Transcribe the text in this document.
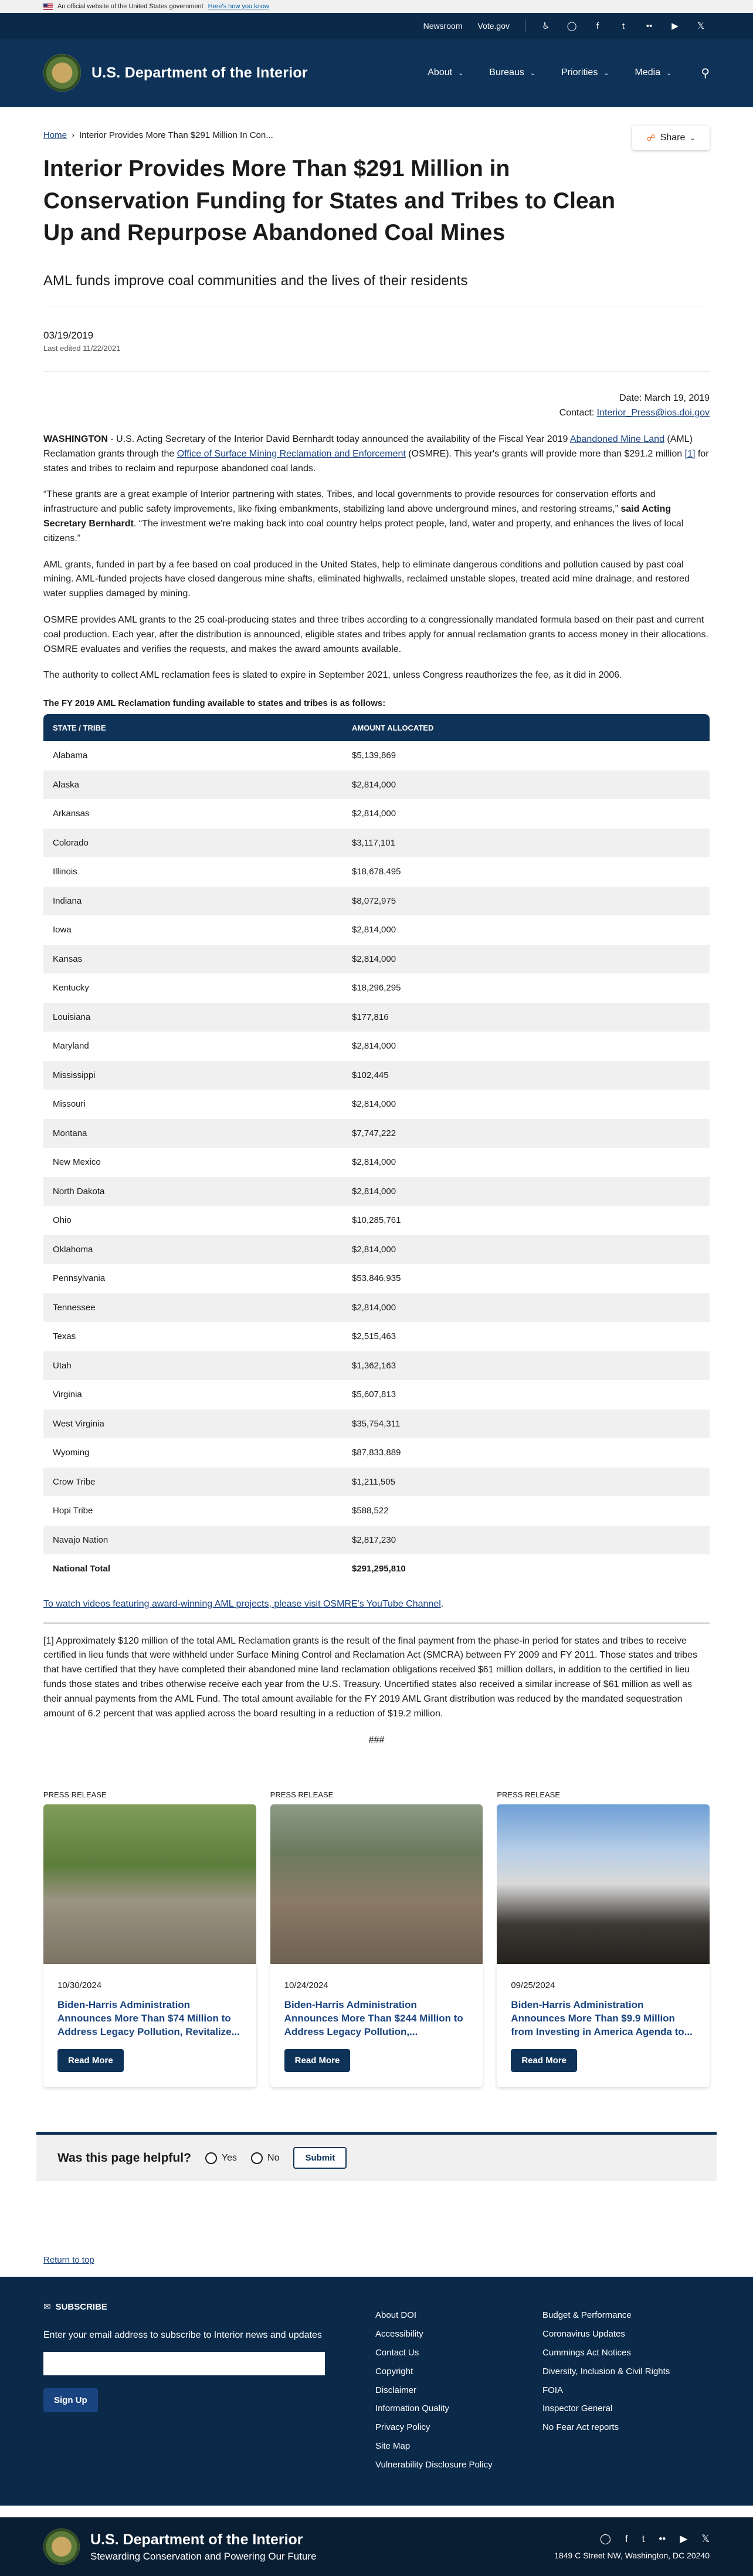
An official website of the United States government Here's how you know
Newsroom Vote.gov	♿ ◯	f	t	•• ▶ 𝕏
U.S. Department of the Interior	About ⌄	Bureaus ⌄	Priorities ⌄	Media ⌄	⚲
Home › Interior Provides More Than $291 Million In Con...	☍ Share ⌄
Interior Provides More Than $291 Million in Conservation Funding for States and Tribes to Clean Up and Repurpose Abandoned Coal Mines
AML funds improve coal communities and the lives of their residents
03/19/2019
Last edited 11/22/2021
Date: March 19, 2019
Contact: Interior_Press@ios.doi.gov

WASHINGTON - U.S. Acting Secretary of the Interior David Bernhardt today announced the availability of the Fiscal Year 2019 Abandoned Mine Land (AML) Reclamation grants through the Office of Surface Mining Reclamation and Enforcement (OSMRE). This year's grants will provide more than $291.2 million [1] for states and tribes to reclaim and repurpose abandoned coal lands.

“These grants are a great example of Interior partnering with states, Tribes, and local governments to provide resources for conservation efforts and infrastructure and public safety improvements, like fixing embankments, stabilizing land above underground mines, and restoring streams,” said Acting Secretary Bernhardt. “The investment we're making back into coal country helps protect people, land, water and property, and enhances the lives of local citizens.”

AML grants, funded in part by a fee based on coal produced in the United States, help to eliminate dangerous conditions and pollution caused by past coal mining. AML-funded projects have closed dangerous mine shafts, eliminated highwalls, reclaimed unstable slopes, treated acid mine drainage, and restored water supplies damaged by mining.

OSMRE provides AML grants to the 25 coal-producing states and three tribes according to a congressionally mandated formula based on their past and current coal production. Each year, after the distribution is announced, eligible states and tribes apply for annual reclamation grants to access money in their allocations. OSMRE evaluates and verifies the requests, and makes the award amounts available.

The authority to collect AML reclamation fees is slated to expire in September 2021, unless Congress reauthorizes the fee, as it did in 2006.

The FY 2019 AML Reclamation funding available to states and tribes is as follows:
STATE / TRIBE	AMOUNT ALLOCATED
Alabama	$5,139,869
Alaska	$2,814,000
Arkansas	$2,814,000
Colorado	$3,117,101
Illinois	$18,678,495
Indiana	$8,072,975
Iowa	$2,814,000
Kansas	$2,814,000
Kentucky	$18,296,295
Louisiana	$177,816
Maryland	$2,814,000
Mississippi	$102,445
Missouri	$2,814,000
Montana	$7,747,222
New Mexico	$2,814,000
North Dakota	$2,814,000
Ohio	$10,285,761
Oklahoma	$2,814,000
Pennsylvania	$53,846,935
Tennessee	$2,814,000
Texas	$2,515,463
Utah	$1,362,163
Virginia	$5,607,813
West Virginia	$35,754,311
Wyoming	$87,833,889
Crow Tribe	$1,211,505
Hopi Tribe	$588,522
Navajo Nation	$2,817,230
National Total	$291,295,810
To watch videos featuring award-winning AML projects, please visit OSMRE's YouTube Channel.

[1] Approximately $120 million of the total AML Reclamation grants is the result of the final payment from the phase-in period for states and tribes to receive certified in lieu funds that were withheld under Surface Mining Control and Reclamation Act (SMCRA) between FY 2009 and FY 2011. Those states and tribes that have certified that they have completed their abandoned mine land reclamation obligations received $61 million dollars, in addition to the certified in lieu funds those states and tribes otherwise receive each year from the U.S. Treasury. Uncertified states also received a similar increase of $61 million as well as their annual payments from the AML Fund. The total amount available for the FY 2019 AML Grant distribution was reduced by the mandated sequestration amount of 6.2 percent that was applied across the board resulting in a reduction of $19.2 million.

###
PRESS RELEASE
10/30/2024
Biden-Harris Administration Announces More Than $74 Million to Address Legacy Pollution, Revitalize...
Read More
PRESS RELEASE
10/24/2024
Biden-Harris Administration Announces More Than $244 Million to Address Legacy Pollution,...
Read More
PRESS RELEASE
09/25/2024
Biden-Harris Administration Announces More Than $9.9 Million from Investing in America Agenda to...
Read More
Was this page helpful?	Yes	No	Submit
Return to top
✉ SUBSCRIBE
Enter your email address to subscribe to Interior news and updates
Sign Up
About DOI
Accessibility
Contact Us
Copyright
Disclaimer
Information Quality
Privacy Policy
Site Map
Vulnerability Disclosure Policy
Budget & Performance
Coronavirus Updates
Cummings Act Notices
Diversity, Inclusion & Civil Rights
FOIA
Inspector General
No Fear Act reports
U.S. Department of the Interior
Stewarding Conservation and Powering Our Future
◯ f t •• ▶ 𝕏
1849 C Street NW, Washington, DC 20240
